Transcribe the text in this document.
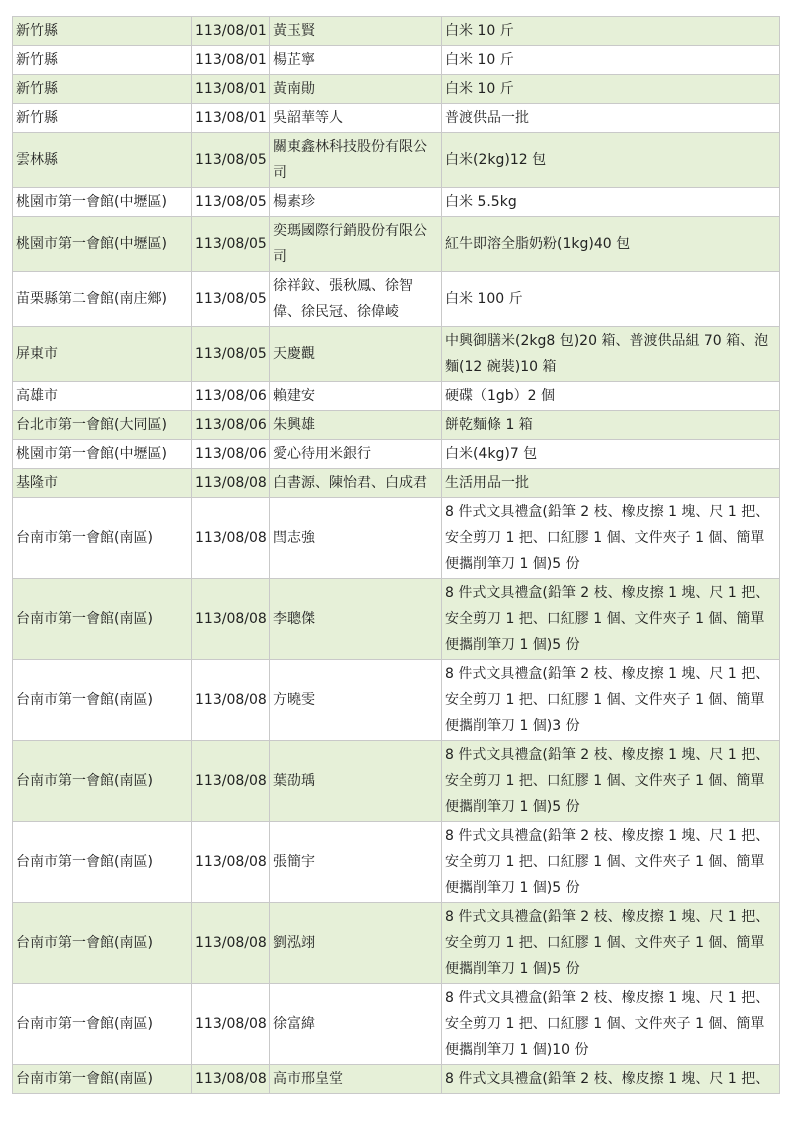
新竹縣	113/08/01	黃玉賢	白米 10 斤
新竹縣	113/08/01	楊芷寧	白米 10 斤
新竹縣	113/08/01	黃南勛	白米 10 斤
新竹縣	113/08/01	吳韶華等人	普渡供品一批
雲林縣	113/08/05	關東鑫林科技股份有限公司	白米(2kg)12 包
桃園市第一會館(中壢區)	113/08/05	楊素珍	白米 5.5kg
桃園市第一會館(中壢區)	113/08/05	奕瑪國際行銷股份有限公司	紅牛即溶全脂奶粉(1kg)40 包
苗栗縣第二會館(南庄鄉)	113/08/05	徐祥鈫、張秋鳳、徐智偉、徐民冠、徐偉崚	白米 100 斤
屏東市	113/08/05	天慶觀	中興御膳米(2kg8 包)20 箱、普渡供品組 70 箱、泡麵(12 碗裝)10 箱
高雄市	113/08/06	賴建安	硬碟（1gb）2 個
台北市第一會館(大同區)	113/08/06	朱興雄	餅乾麵條 1 箱
桃園市第一會館(中壢區)	113/08/06	愛心待用米銀行	白米(4kg)7 包
基隆市	113/08/08	白書源、陳怡君、白成君	生活用品一批
台南市第一會館(南區)	113/08/08	閆志強	8 件式文具禮盒(鉛筆 2 枝、橡皮擦 1 塊、尺 1 把、安全剪刀 1 把、口紅膠 1 個、文件夾子 1 個、簡單便攜削筆刀 1 個)5 份
台南市第一會館(南區)	113/08/08	李聰傑	8 件式文具禮盒(鉛筆 2 枝、橡皮擦 1 塊、尺 1 把、安全剪刀 1 把、口紅膠 1 個、文件夾子 1 個、簡單便攜削筆刀 1 個)5 份
台南市第一會館(南區)	113/08/08	方曉雯	8 件式文具禮盒(鉛筆 2 枝、橡皮擦 1 塊、尺 1 把、安全剪刀 1 把、口紅膠 1 個、文件夾子 1 個、簡單便攜削筆刀 1 個)3 份
台南市第一會館(南區)	113/08/08	葉劭瑀	8 件式文具禮盒(鉛筆 2 枝、橡皮擦 1 塊、尺 1 把、安全剪刀 1 把、口紅膠 1 個、文件夾子 1 個、簡單便攜削筆刀 1 個)5 份
台南市第一會館(南區)	113/08/08	張簡宇	8 件式文具禮盒(鉛筆 2 枝、橡皮擦 1 塊、尺 1 把、安全剪刀 1 把、口紅膠 1 個、文件夾子 1 個、簡單便攜削筆刀 1 個)5 份
台南市第一會館(南區)	113/08/08	劉泓翊	8 件式文具禮盒(鉛筆 2 枝、橡皮擦 1 塊、尺 1 把、安全剪刀 1 把、口紅膠 1 個、文件夾子 1 個、簡單便攜削筆刀 1 個)5 份
台南市第一會館(南區)	113/08/08	徐富緯	8 件式文具禮盒(鉛筆 2 枝、橡皮擦 1 塊、尺 1 把、安全剪刀 1 把、口紅膠 1 個、文件夾子 1 個、簡單便攜削筆刀 1 個)10 份
台南市第一會館(南區)	113/08/08	高市邢皇堂	8 件式文具禮盒(鉛筆 2 枝、橡皮擦 1 塊、尺 1 把、
